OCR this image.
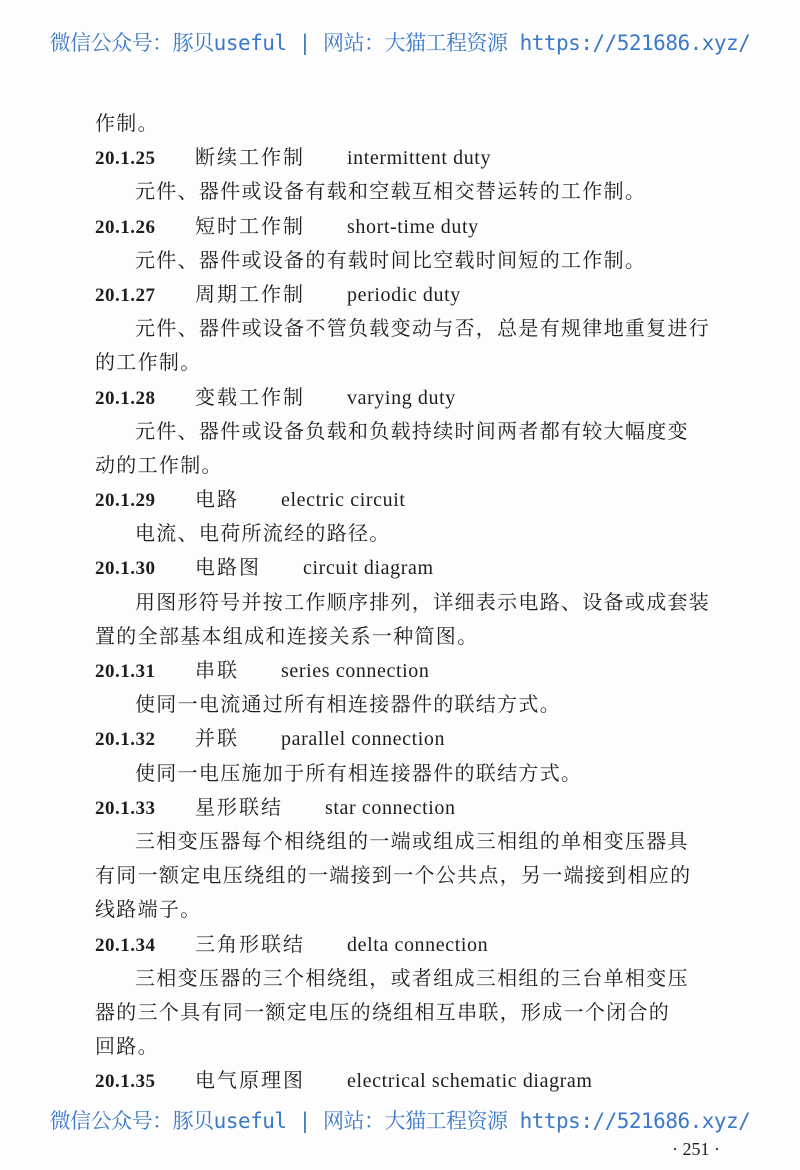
微信公众号：豚贝useful | 网站：大猫工程资源 https://521686.xyz/
作制。
20.1.25 断续工作制 intermittent duty
元件、器件或设备有载和空载互相交替运转的工作制。
20.1.26 短时工作制 short-time duty
元件、器件或设备的有载时间比空载时间短的工作制。
20.1.27 周期工作制 periodic duty
元件、器件或设备不管负载变动与否，总是有规律地重复进行
的工作制。
20.1.28 变载工作制 varying duty
元件、器件或设备负载和负载持续时间两者都有较大幅度变
动的工作制。
20.1.29 电路 electric circuit
电流、电荷所流经的路径。
20.1.30 电路图 circuit diagram
用图形符号并按工作顺序排列，详细表示电路、设备或成套装
置的全部基本组成和连接关系一种简图。
20.1.31 串联 series connection
使同一电流通过所有相连接器件的联结方式。
20.1.32 并联 parallel connection
使同一电压施加于所有相连接器件的联结方式。
20.1.33 星形联结 star connection
三相变压器每个相绕组的一端或组成三相组的单相变压器具
有同一额定电压绕组的一端接到一个公共点，另一端接到相应的
线路端子。
20.1.34 三角形联结 delta connection
三相变压器的三个相绕组，或者组成三相组的三台单相变压
器的三个具有同一额定电压的绕组相互串联，形成一个闭合的
回路。
20.1.35 电气原理图 electrical schematic diagram
微信公众号：豚贝useful | 网站：大猫工程资源 https://521686.xyz/
· 251 ·
